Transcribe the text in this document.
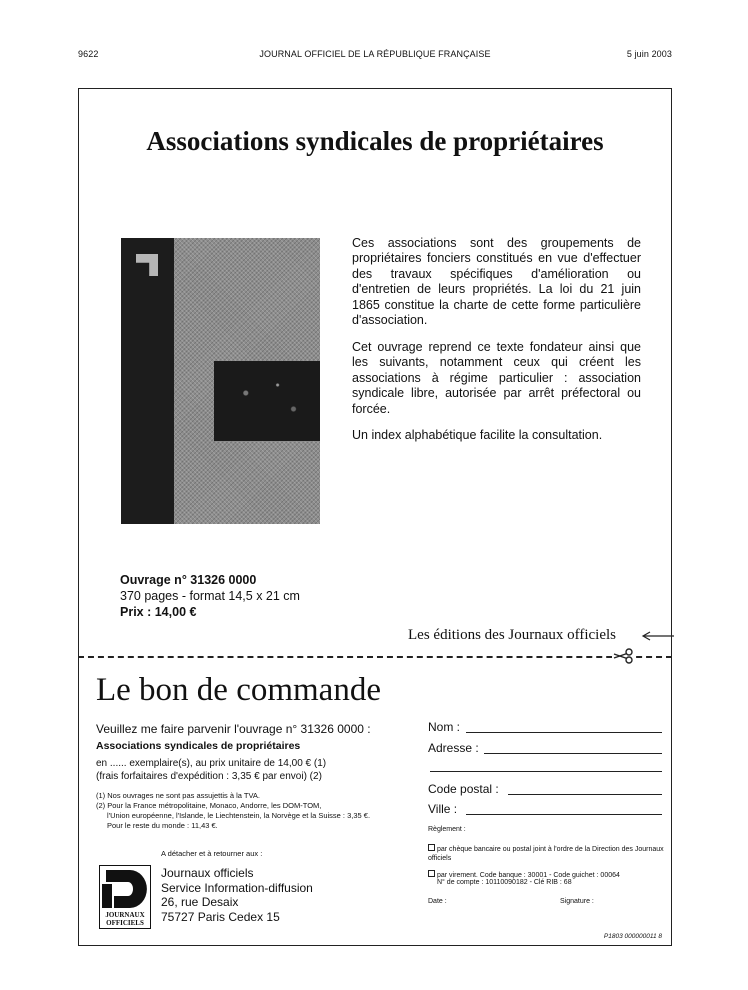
9622	JOURNAL OFFICIEL DE LA RÉPUBLIQUE FRANÇAISE	5 juin 2003
Associations syndicales de propriétaires
Ces associations sont des groupements de propriétaires fonciers constitués en vue d'effectuer des travaux spécifiques d'amélioration ou d'entretien de leurs propriétés. La loi du 21 juin 1865 constitue la charte de cette forme particulière d'association.
Cet ouvrage reprend ce texte fondateur ainsi que les suivants, notamment ceux qui créent les associations à régime particulier : association syndicale libre, autorisée par arrêt préfectoral ou forcée.
Un index alphabétique facilite la consultation.
Ouvrage n° 31326 0000
370 pages - format 14,5 x 21 cm
Prix : 14,00 €
Les éditions des Journaux officiels
Le bon de commande
Veuillez me faire parvenir l'ouvrage n° 31326 0000 :
Associations syndicales de propriétaires
en ...... exemplaire(s), au prix unitaire de 14,00 € (1)
(frais forfaitaires d'expédition : 3,35 € par envoi) (2)
(1) Nos ouvrages ne sont pas assujettis à la TVA.
(2) Pour la France métropolitaine, Monaco, Andorre, les DOM-TOM,
l'Union européenne, l'Islande, le Liechtenstein, la Norvège et la Suisse : 3,35 €.
Pour le reste du monde : 11,43 €.
A détacher et à retourner aux :
JOURNAUX
OFFICIELS
Journaux officiels
Service Information-diffusion
26, rue Desaix
75727 Paris Cedex 15
Nom :
Adresse :
Code postal :
Ville :
Règlement :
par chèque bancaire ou postal joint à l'ordre de la Direction des Journaux officiels
par virement. Code banque : 30001 - Code guichet : 00064
N° de compte : 10110090182 - Clé RIB : 68
Date :	Signature :
P1803 000000011 8
